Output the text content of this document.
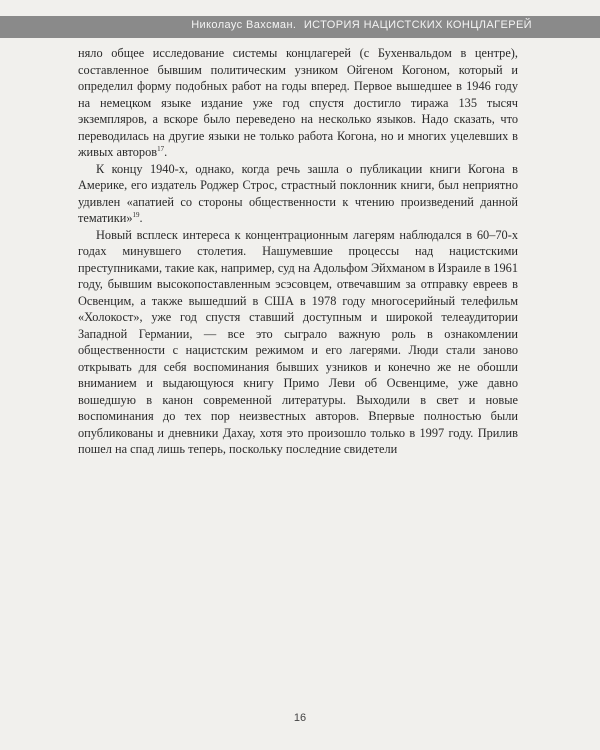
Николаус Вахсман. ИСТОРИЯ НАЦИСТСКИХ КОНЦЛАГЕРЕЙ

няло общее исследование системы концлагерей (с Бухенвальдом в центре), составленное бывшим политическим узником Ойгеном Когоном, который и определил форму подобных работ на годы вперед. Первое вышедшее в 1946 году на немецком языке издание уже год спустя достигло тиража 135 тысяч экземпляров, а вскоре было переведено на несколько языков. Надо сказать, что переводилась на другие языки не только работа Когона, но и многих уцелевших в живых авторов$^{17}$.

К концу 1940-х, однако, когда речь зашла о публикации книги Когона в Америке, его издатель Роджер Строс, страстный поклонник книги, был неприятно удивлен «апатией со стороны общественности к чтению произведений данной тематики»$^{19}$.

Новый всплеск интереса к концентрационным лагерям наблюдался в 60–70-х годах минувшего столетия. Нашумевшие процессы над нацистскими преступниками, такие как, например, суд на Адольфом Эйхманом в Израиле в 1961 году, бывшим высокопоставленным эсэсовцем, отвечавшим за отправку евреев в Освенцим, а также вышедший в США в 1978 году многосерийный телефильм «Холокост», уже год спустя ставший доступным и широкой телеаудитории Западной Германии, — все это сыграло важную роль в ознакомлении общественности с нацистским режимом и его лагерями. Люди стали заново открывать для себя воспоминания бывших узников и конечно же не обошли вниманием и выдающуюся книгу Примо Леви об Освенциме, уже давно вошедшую в канон современной литературы. Выходили в свет и новые воспоминания до тех пор неизвестных авторов. Впервые полностью были опубликованы и дневники Дахау, хотя это произошло только в 1997 году. Прилив пошел на спад лишь теперь, поскольку последние свидетели

16
